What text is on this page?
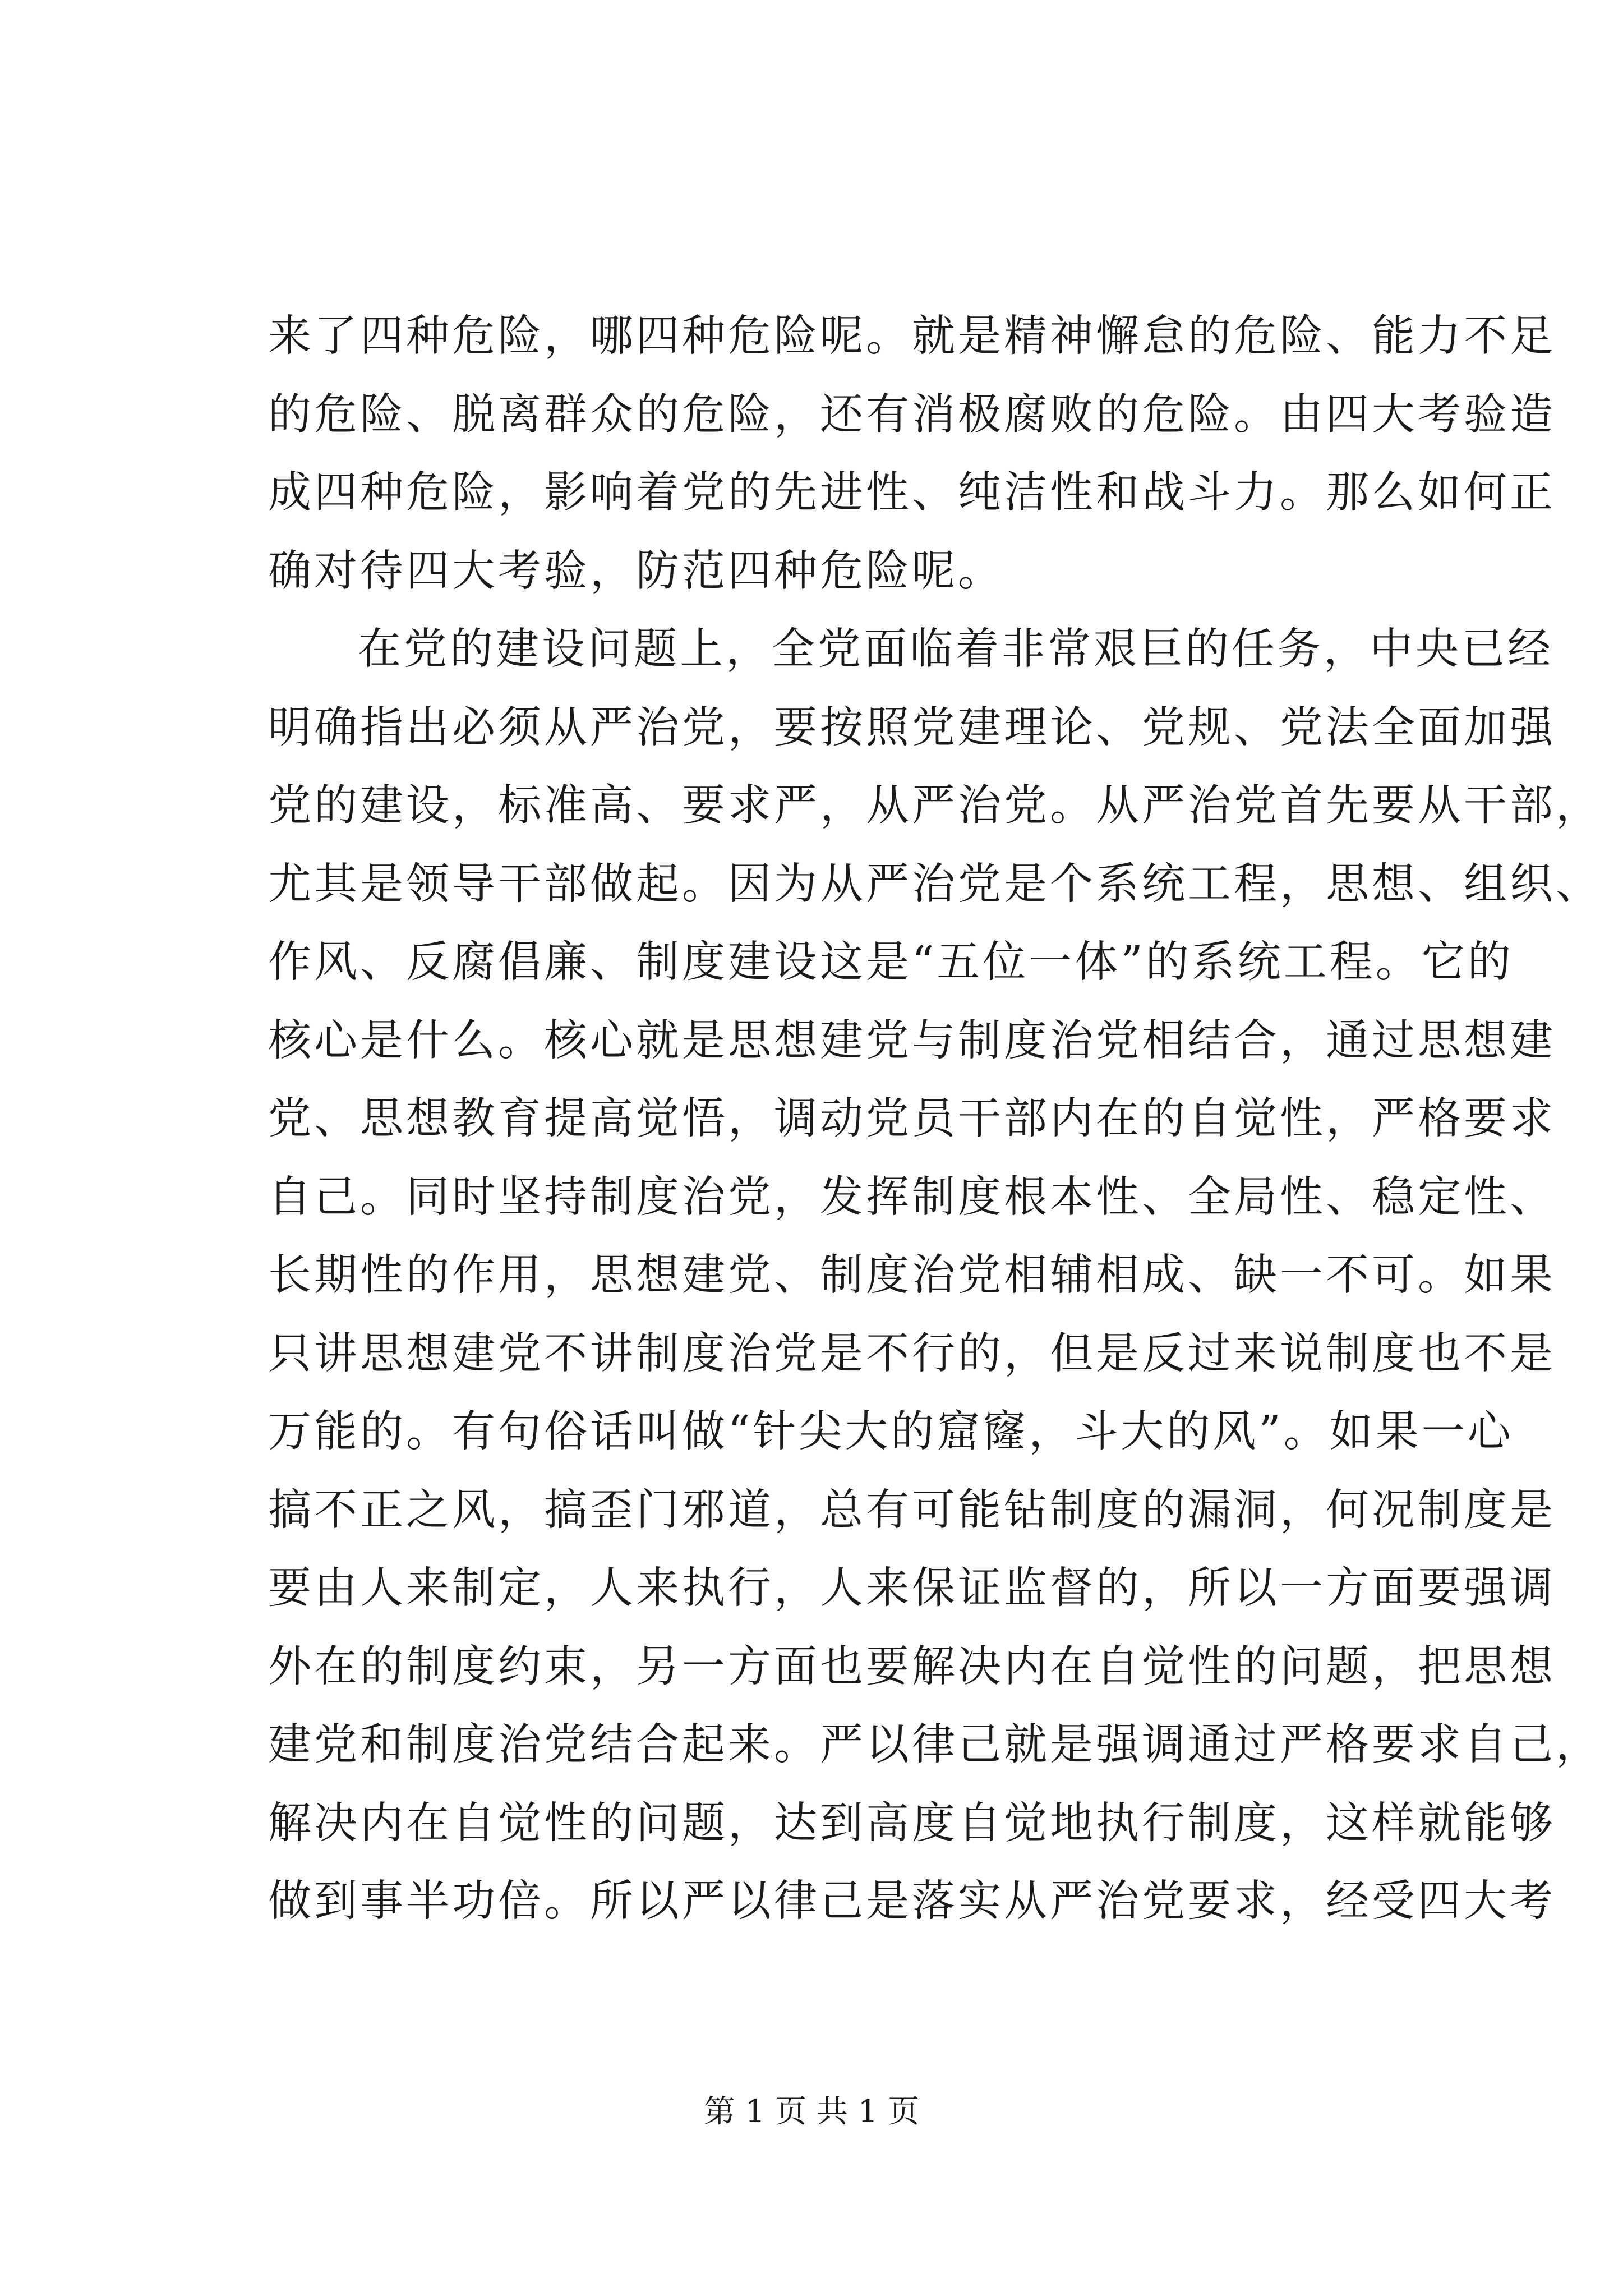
来了四种危险，哪四种危险呢。就是精神懈怠的危险、能力不足
的危险、脱离群众的危险，还有消极腐败的危险。由四大考验造
成四种危险，影响着党的先进性、纯洁性和战斗力。那么如何正
确对待四大考验，防范四种危险呢。
在党的建设问题上，全党面临着非常艰巨的任务，中央已经
明确指出必须从严治党，要按照党建理论、党规、党法全面加强
党的建设，标准高、要求严，从严治党。从严治党首先要从干部，
尤其是领导干部做起。因为从严治党是个系统工程，思想、组织、
作风、反腐倡廉、制度建设这是“五位一体”的系统工程。它的
核心是什么。核心就是思想建党与制度治党相结合，通过思想建
党、思想教育提高觉悟，调动党员干部内在的自觉性，严格要求
自己。同时坚持制度治党，发挥制度根本性、全局性、稳定性、
长期性的作用，思想建党、制度治党相辅相成、缺一不可。如果
只讲思想建党不讲制度治党是不行的，但是反过来说制度也不是
万能的。有句俗话叫做“针尖大的窟窿，斗大的风”。如果一心
搞不正之风，搞歪门邪道，总有可能钻制度的漏洞，何况制度是
要由人来制定，人来执行，人来保证监督的，所以一方面要强调
外在的制度约束，另一方面也要解决内在自觉性的问题，把思想
建党和制度治党结合起来。严以律己就是强调通过严格要求自己，
解决内在自觉性的问题，达到高度自觉地执行制度，这样就能够
做到事半功倍。所以严以律己是落实从严治党要求，经受四大考
第 1 页 共 1 页
